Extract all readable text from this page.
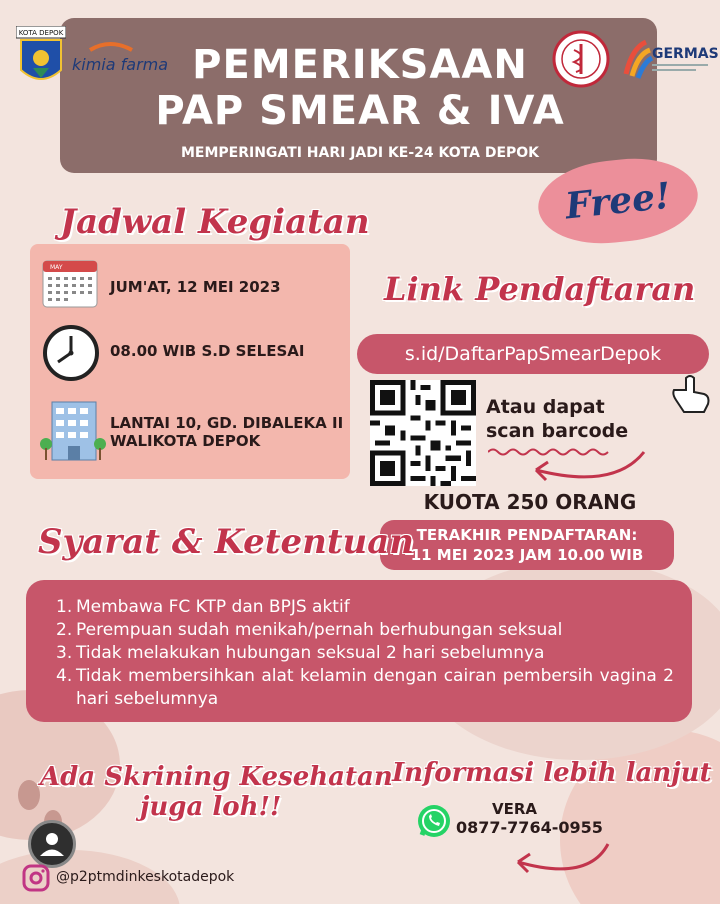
KOTA DEPOK
kimia farma
GERMAS
PEMERIKSAAN
PAP SMEAR & IVA
MEMPERINGATI HARI JADI KE-24 KOTA DEPOK
Free!
Jadwal Kegiatan
MAY
JUM'AT, 12 MEI 2023
08.00 WIB S.D SELESAI
LANTAI 10, GD. DIBALEKA II
WALIKOTA DEPOK
Link Pendaftaran
s.id/DaftarPapSmearDepok
Atau dapat
scan barcode
KUOTA 250 ORANG
TERAKHIR PENDAFTARAN:
11 MEI 2023 JAM 10.00 WIB
Syarat & Ketentuan
1. Membawa FC KTP dan BPJS aktif
2. Perempuan sudah menikah/pernah berhubungan seksual
3. Tidak melakukan hubungan seksual 2 hari sebelumnya
4. Tidak membersihkan alat kelamin dengan cairan pembersih vagina 2 hari sebelumnya
Ada Skrining Kesehatan
juga loh!!
Informasi lebih lanjut
VERA
0877-7764-0955
@p2ptmdinkeskotadepok
